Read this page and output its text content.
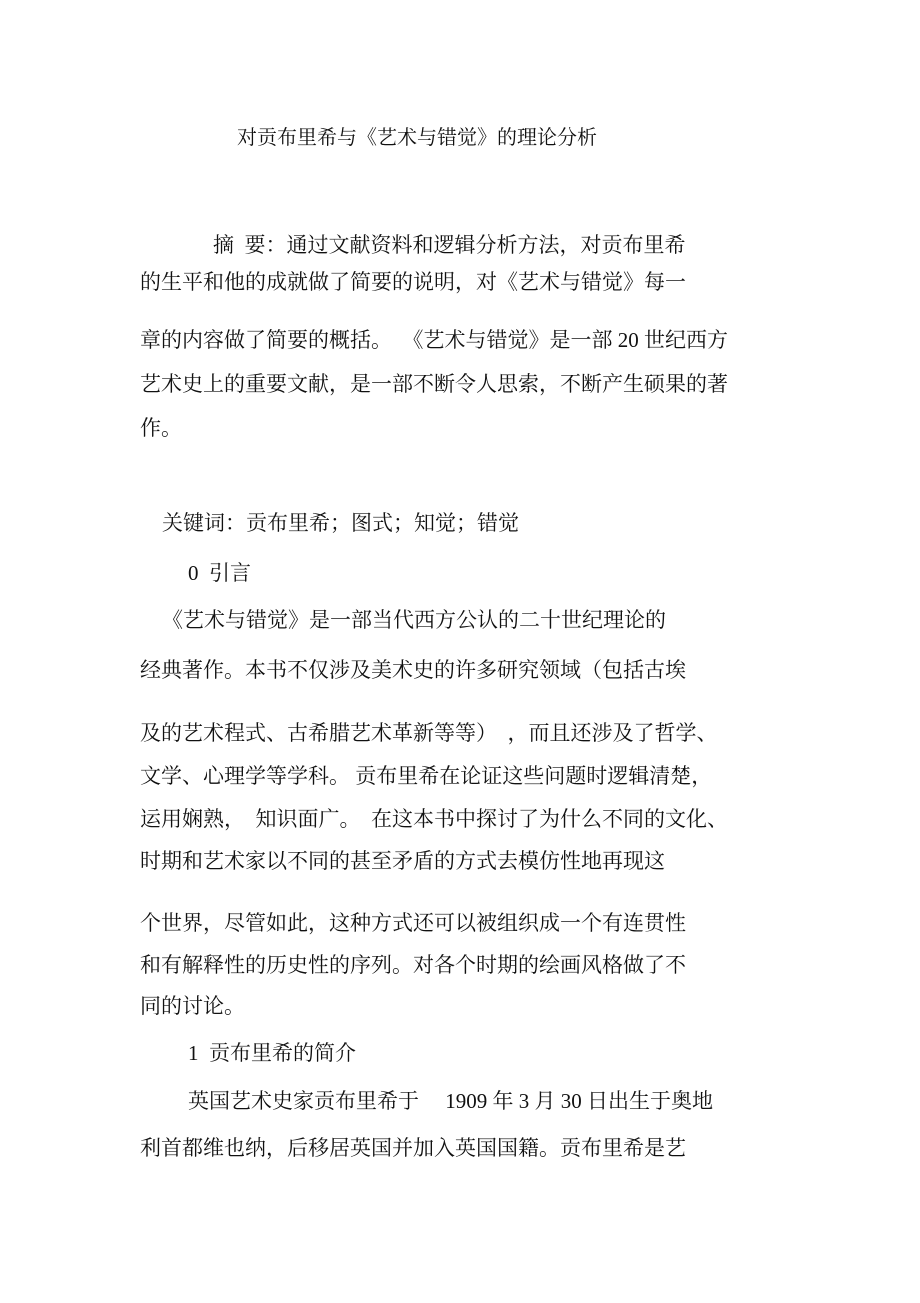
对贡布里希与《艺术与错觉》的理论分析
摘  要：通过文献资料和逻辑分析方法，对贡布里希
的生平和他的成就做了简要的说明，对《艺术与错觉》每一
章的内容做了简要的概括。  《艺术与错觉》是一部 20 世纪西方
艺术史上的重要文献，是一部不断令人思索，不断产生硕果的著
作。
关键词：贡布里希；图式；知觉；错觉
0  引言
《艺术与错觉》是一部当代西方公认的二十世纪理论的
经典著作。本书不仅涉及美术史的许多研究领域（包括古埃
及的艺术程式、古希腊艺术革新等等）  ，而且还涉及了哲学、
文学、心理学等学科。 贡布里希在论证这些问题时逻辑清楚，
运用娴熟，  知识面广。  在这本书中探讨了为什么不同的文化、
时期和艺术家以不同的甚至矛盾的方式去模仿性地再现这
个世界，尽管如此，这种方式还可以被组织成一个有连贯性
和有解释性的历史性的序列。对各个时期的绘画风格做了不
同的讨论。
1  贡布里希的简介
英国艺术史家贡布里希于     1909 年 3 月 30 日出生于奥地
利首都维也纳，后移居英国并加入英国国籍。贡布里希是艺
